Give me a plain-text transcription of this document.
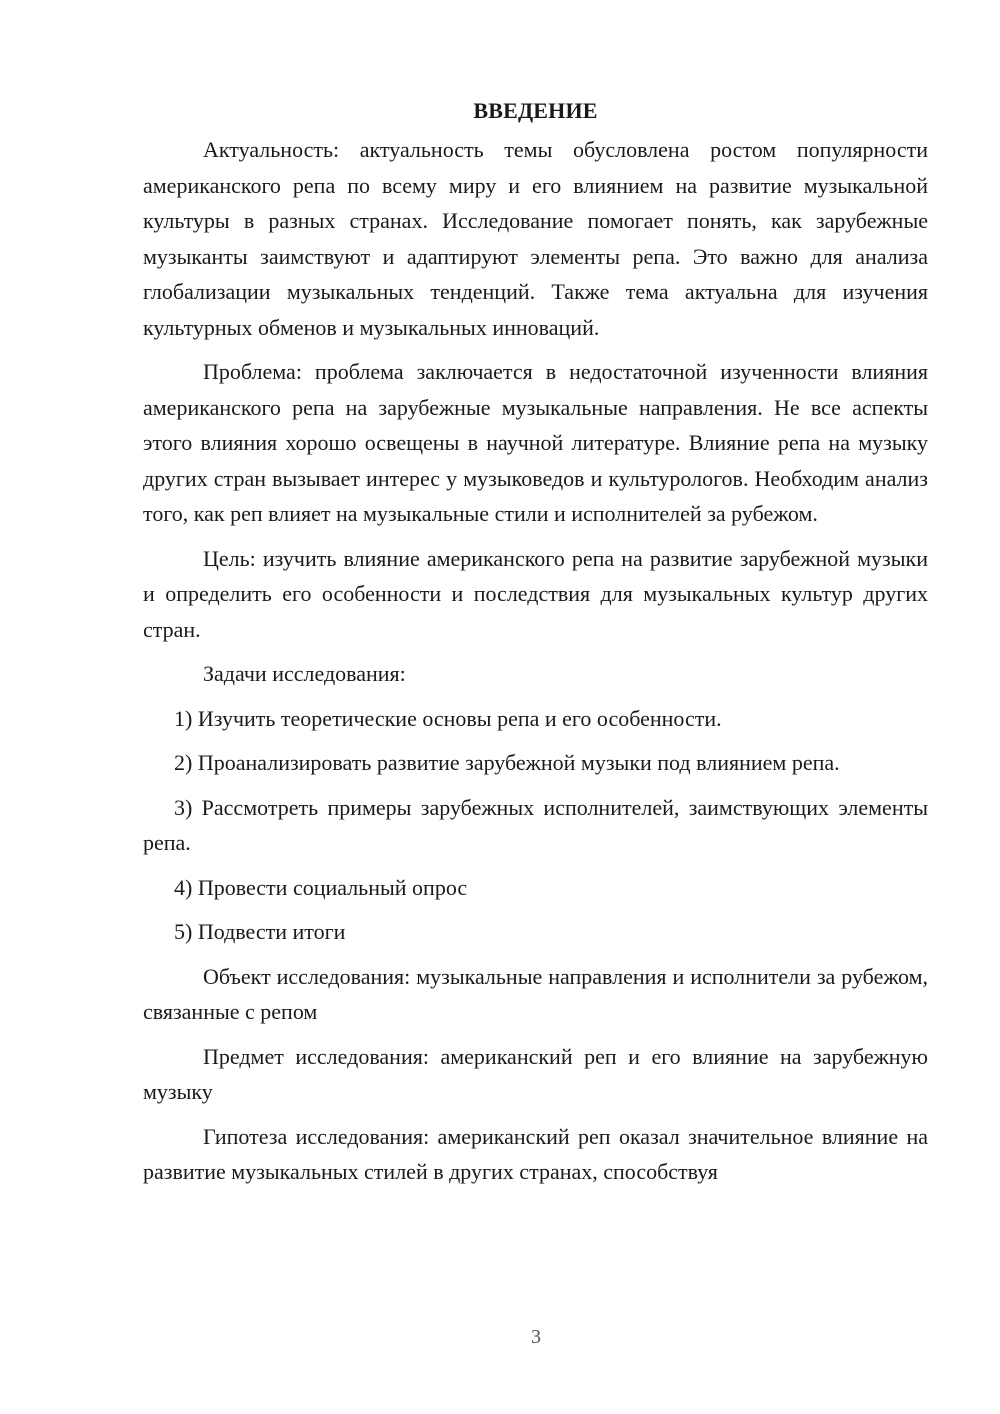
ВВЕДЕНИЕ

Актуальность: актуальность темы обусловлена ростом популярности американского репа по всему миру и его влиянием на развитие музыкальной культуры в разных странах. Исследование помогает понять, как зарубежные музыканты заимствуют и адаптируют элементы репа. Это важно для анализа глобализации музыкальных тенденций. Также тема актуальна для изучения культурных обменов и музыкальных инноваций.

Проблема: проблема заключается в недостаточной изученности влияния американского репа на зарубежные музыкальные направления. Не все аспекты этого влияния хорошо освещены в научной литературе. Влияние репа на музыку других стран вызывает интерес у музыковедов и культурологов. Необходим анализ того, как реп влияет на музыкальные стили и исполнителей за рубежом.

Цель: изучить влияние американского репа на развитие зарубежной музыки и определить его особенности и последствия для музыкальных культур других стран.

Задачи исследования:

1) Изучить теоретические основы репа и его особенности.

2) Проанализировать развитие зарубежной музыки под влиянием репа.

3) Рассмотреть примеры зарубежных исполнителей, заимствующих элементы репа.

4) Провести социальный опрос

5) Подвести итоги

Объект исследования: музыкальные направления и исполнители за рубежом, связанные с репом

Предмет исследования: американский реп и его влияние на зарубежную музыку

Гипотеза исследования: американский реп оказал значительное влияние на развитие музыкальных стилей в других странах, способствуя

3
